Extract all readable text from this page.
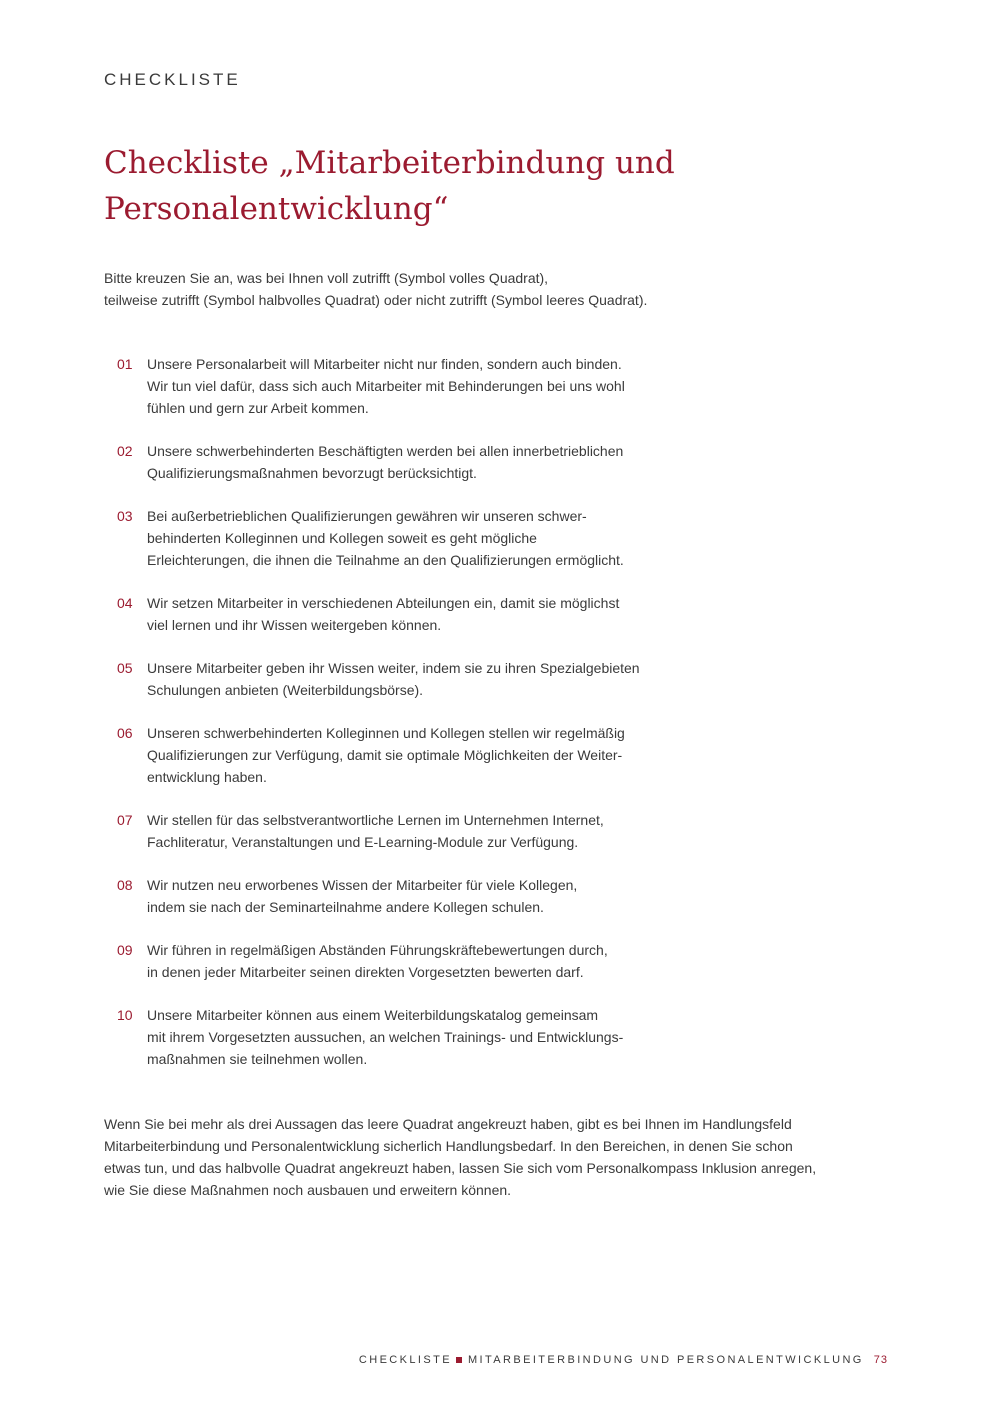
CHECKLISTE
Checkliste „Mitarbeiterbindung und
Personalentwicklung“

Bitte kreuzen Sie an, was bei Ihnen voll zutrifft (Symbol volles Quadrat),

teilweise zutrifft (Symbol halbvolles Quadrat) oder nicht zutrifft (Symbol leeres Quadrat).

01	Unsere Personalarbeit will Mitarbeiter nicht nur finden, sondern auch binden.
Wir tun viel dafür, dass sich auch Mitarbeiter mit Behinderungen bei uns wohl
fühlen und gern zur Arbeit kommen.
02	Unsere schwerbehinderten Beschäftigten werden bei allen innerbetrieblichen
Qualifizierungsmaßnahmen bevorzugt berücksichtigt.
03	Bei außerbetrieblichen Qualifizierungen gewähren wir unseren schwer-
behinderten Kolleginnen und Kollegen soweit es geht mögliche
Erleichterungen, die ihnen die Teilnahme an den Qualifizierungen ermöglicht.
04	Wir setzen Mitarbeiter in verschiedenen Abteilungen ein, damit sie möglichst
viel lernen und ihr Wissen weitergeben können.
05	Unsere Mitarbeiter geben ihr Wissen weiter, indem sie zu ihren Spezialgebieten
Schulungen anbieten (Weiterbildungsbörse).
06	Unseren schwerbehinderten Kolleginnen und Kollegen stellen wir regelmäßig
Qualifizierungen zur Verfügung, damit sie optimale Möglichkeiten der Weiter-
entwicklung haben.
07	Wir stellen für das selbstverantwortliche Lernen im Unternehmen Internet,
Fachliteratur, Veranstaltungen und E-Learning-Module zur Verfügung.
08	Wir nutzen neu erworbenes Wissen der Mitarbeiter für viele Kollegen,
indem sie nach der Seminarteilnahme andere Kollegen schulen.
09	Wir führen in regelmäßigen Abständen Führungskräftebewertungen durch,
in denen jeder Mitarbeiter seinen direkten Vorgesetzten bewerten darf.
10	Unsere Mitarbeiter können aus einem Weiterbildungskatalog gemeinsam
mit ihrem Vorgesetzten aussuchen, an welchen Trainings- und Entwicklungs-
maßnahmen sie teilnehmen wollen.

Wenn Sie bei mehr als drei Aussagen das leere Quadrat angekreuzt haben, gibt es bei Ihnen im Handlungsfeld

Mitarbeiterbindung und Personalentwicklung sicherlich Handlungsbedarf. In den Bereichen, in denen Sie schon

etwas tun, und das halbvolle Quadrat angekreuzt haben, lassen Sie sich vom Personalkompass Inklusion anregen,

wie Sie diese Maßnahmen noch ausbauen und erweitern können.

CHECKLISTE MITARBEITERBINDUNG UND PERSONALENTWICKLUNG 73
